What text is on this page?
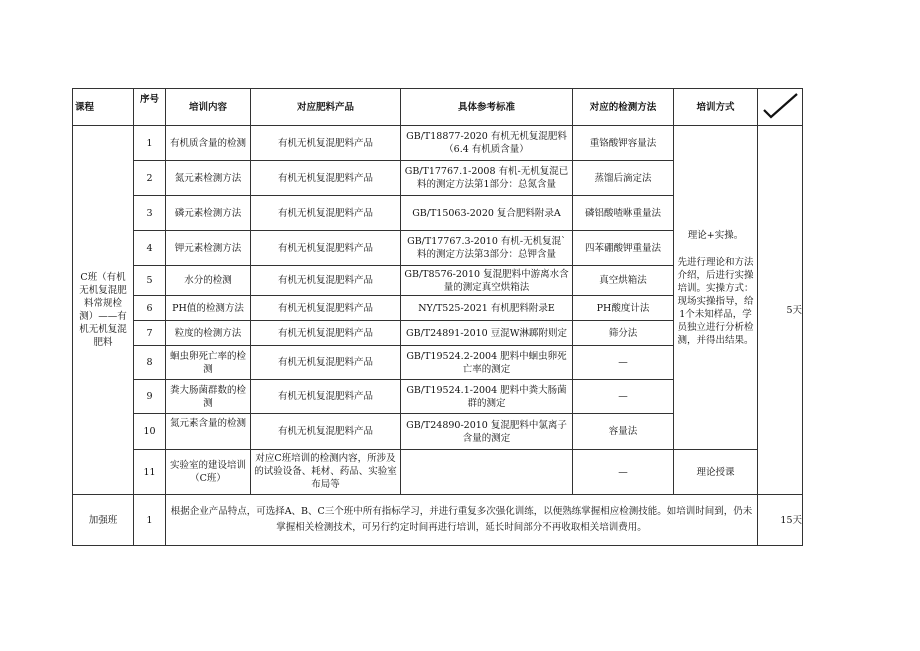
课程	序号	培训内容	对应肥料产品	具体参考标准	对应的检测方法	培训方式	

C班（有机无机复混肥料常规检测）——有机无机复混肥料	1	有机质含量的检测	有机无机复混肥料产品	GB/T18877-2020 有机无机复混肥料（6.4 有机质含量）	重铬酸钾容量法	理论+实操。
先进行理论和方法介绍，后进行实操培训。实操方式：现场实操指导，给1个未知样品，学员独立进行分析检测，并得出结果。	5天
	2	氮元素检测方法	有机无机复混肥料产品	GB/T17767.1-2008 有机-无机复混已料的测定方法第1部分：总氮含量	蒸馏后滴定法		
	3	磷元素检测方法	有机无机复混肥料产品	GB/T15063-2020 复合肥料附录A	磷铝酸喳咻重量法		
	4	钾元素检测方法	有机无机复混肥料产品	GB/T17767.3-2010 有机-无机复混`料的测定方法第3部分：总钾含量	四苯硼酸钾重量法		
	5	水分的检测	有机无机复混肥料产品	GB/T8576-2010 复混肥料中游离水含量的测定真空烘箱法	真空烘箱法		
	6	PH值的检测方法	有机无机复混肥料产品	NY/T525-2021 有机肥料附录E	PH酸度计法		
	7	粒度的检测方法	有机无机复混肥料产品	GB/T24891-2010 豆混W淋踯附则定	筛分法		
	8	蛔虫卵死亡率的检测	有机无机复混肥料产品	GB/T19524.2-2004 肥料中蛔虫卵死亡率的测定	—		
	9	粪大肠菌群数的检测	有机无机复混肥料产品	GB/T19524.1-2004 肥料中粪大肠菌群的测定	—		
	10	氮元素含量的检测	有机无机复混肥料产品	GB/T24890-2010 复混肥料中氯离子含量的测定	容量法		
	11	实验室的建设培训（C班）	对应C班培训的检测内容，所涉及的试验设备、耗材、药品、实验室布局等		—	理论授课	
加强班	1	根据企业产品特点，可选择A、B、C三个班中所有指标学习，并进行重复多次强化训练，以便熟练掌握相应检测技能。如培训时间到，仍未掌握相关检测技术，可另行约定时间再进行培训，延长时间部分不再收取相关培训费用。					15天
